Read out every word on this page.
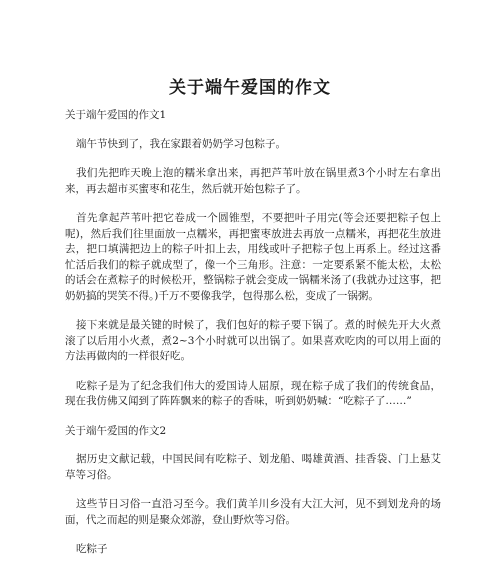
关于端午爱国的作文

关于端午爱国的作文1

端午节快到了，我在家跟着奶奶学习包粽子。

我们先把昨天晚上泡的糯米拿出来，再把芦苇叶放在锅里煮3个小时左右拿出来，再去超市买蜜枣和花生，然后就开始包粽子了。

首先拿起芦苇叶把它卷成一个圆锥型，不要把叶子用完(等会还要把粽子包上呢)，然后我们往里面放一点糯米，再把蜜枣放进去再放一点糯米，再把花生放进去，把口填满把边上的粽子叶扣上去，用线或叶子把粽子包上再系上。经过这番忙活后我们的粽子就成型了，像一个三角形。注意：一定要系紧不能太松，太松的话会在煮粽子的时候松开，整锅粽子就会变成一锅糯米汤了(我就办过这事，把奶奶搞的哭笑不得。)千万不要像我学，包得那么松，变成了一锅粥。

接下来就是最关键的时候了，我们包好的粽子要下锅了。煮的时候先开大火煮滚了以后用小火煮，煮2~3个小时就可以出锅了。如果喜欢吃肉的可以用上面的方法再做肉的一样很好吃。

吃粽子是为了纪念我们伟大的爱国诗人屈原，现在粽子成了我们的传统食品，现在我仿佛又闻到了阵阵飘来的粽子的香味，听到奶奶喊：“吃粽子了……”

关于端午爱国的作文2

据历史文献记载，中国民间有吃粽子、划龙船、喝雄黄酒、挂香袋、门上悬艾草等习俗。

这些节日习俗一直沿习至今。我们黄羊川乡没有大江大河，见不到划龙舟的场面，代之而起的则是聚众郊游，登山野炊等习俗。

吃粽子
